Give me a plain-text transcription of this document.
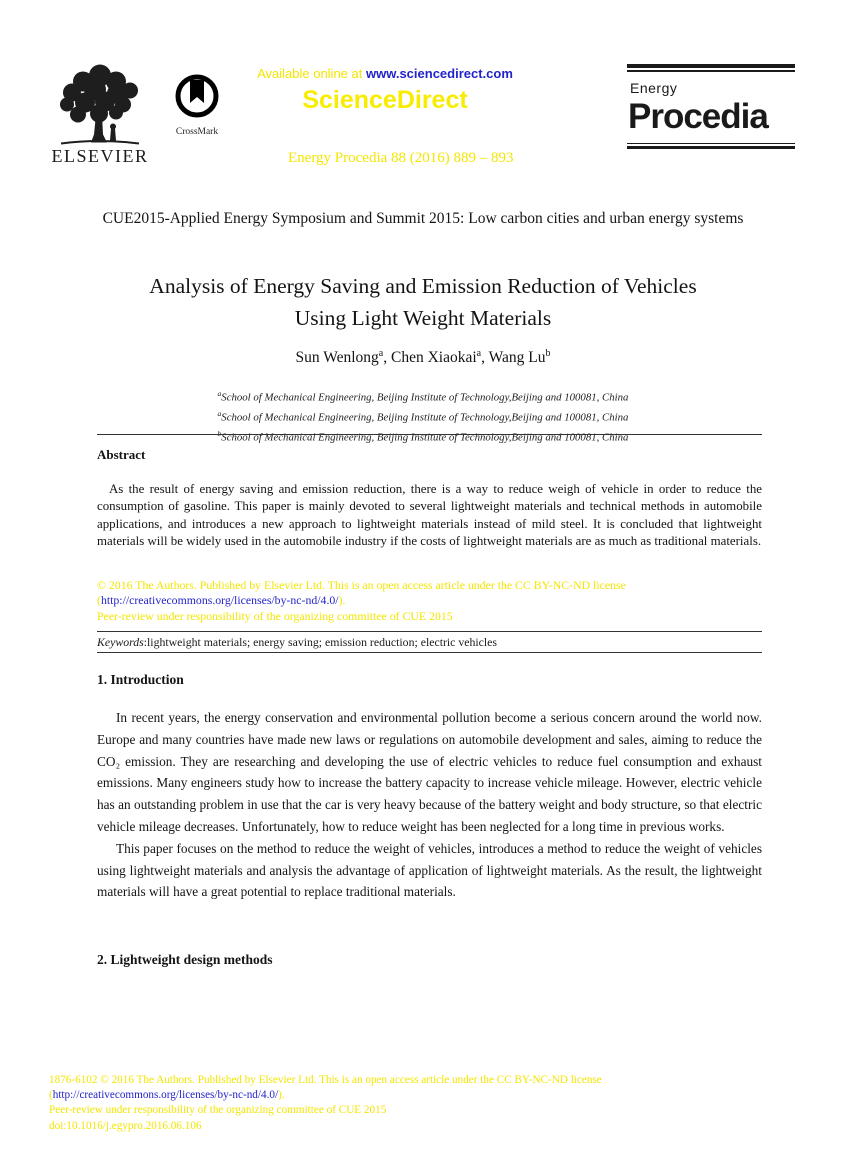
ELSEVIER
CrossMark
Available online at www.sciencedirect.com
ScienceDirect
Energy Procedia 88 (2016) 889 – 893
Energy
Procedia
CUE2015-Applied Energy Symposium and Summit 2015: Low carbon cities and urban energy systems
Analysis of Energy Saving and Emission Reduction of Vehicles Using Light Weight Materials
Sun Wenlong$^a$, Chen Xiaokai$^a$, Wang Lu$^b$
$^a$School of Mechanical Engineering, Beijing Institute of Technology,Beijing and 100081, China
$^a$School of Mechanical Engineering, Beijing Institute of Technology,Beijing and 100081, China
$^b$School of Mechanical Engineering, Beijing Institute of Technology,Beijing and 100081, China
Abstract
As the result of energy saving and emission reduction, there is a way to reduce weigh of vehicle in order to reduce the consumption of gasoline. This paper is mainly devoted to several lightweight materials and technical methods in automobile applications, and introduces a new approach to lightweight materials instead of mild steel. It is concluded that lightweight materials will be widely used in the automobile industry if the costs of lightweight materials are as much as traditional materials.
© 2016 The Authors. Published by Elsevier Ltd. This is an open access article under the CC BY-NC-ND license
(http://creativecommons.org/licenses/by-nc-nd/4.0/).
Peer-review under responsibility of the organizing committee of CUE 2015
Keywords:lightweight materials; energy saving; emission reduction; electric vehicles
1. Introduction

In recent years, the energy conservation and environmental pollution become a serious concern around the world now. Europe and many countries have made new laws or regulations on automobile development and sales, aiming to reduce the CO₂ emission. They are researching and developing the use of electric vehicles to reduce fuel consumption and exhaust emissions. Many engineers study how to increase the battery capacity to increase vehicle mileage. However, electric vehicle has an outstanding problem in use that the car is very heavy because of the battery weight and body structure, so that electric vehicle mileage decreases. Unfortunately, how to reduce weight has been neglected for a long time in previous works.

This paper focuses on the method to reduce the weight of vehicles, introduces a method to reduce the weight of vehicles using lightweight materials and analysis the advantage of application of lightweight materials. As the result, the lightweight materials will have a great potential to replace traditional materials.

2. Lightweight design methods
1876-6102 © 2016 The Authors. Published by Elsevier Ltd. This is an open access article under the CC BY-NC-ND license
(http://creativecommons.org/licenses/by-nc-nd/4.0/).
Peer-review under responsibility of the organizing committee of CUE 2015
doi:10.1016/j.egypro.2016.06.106
